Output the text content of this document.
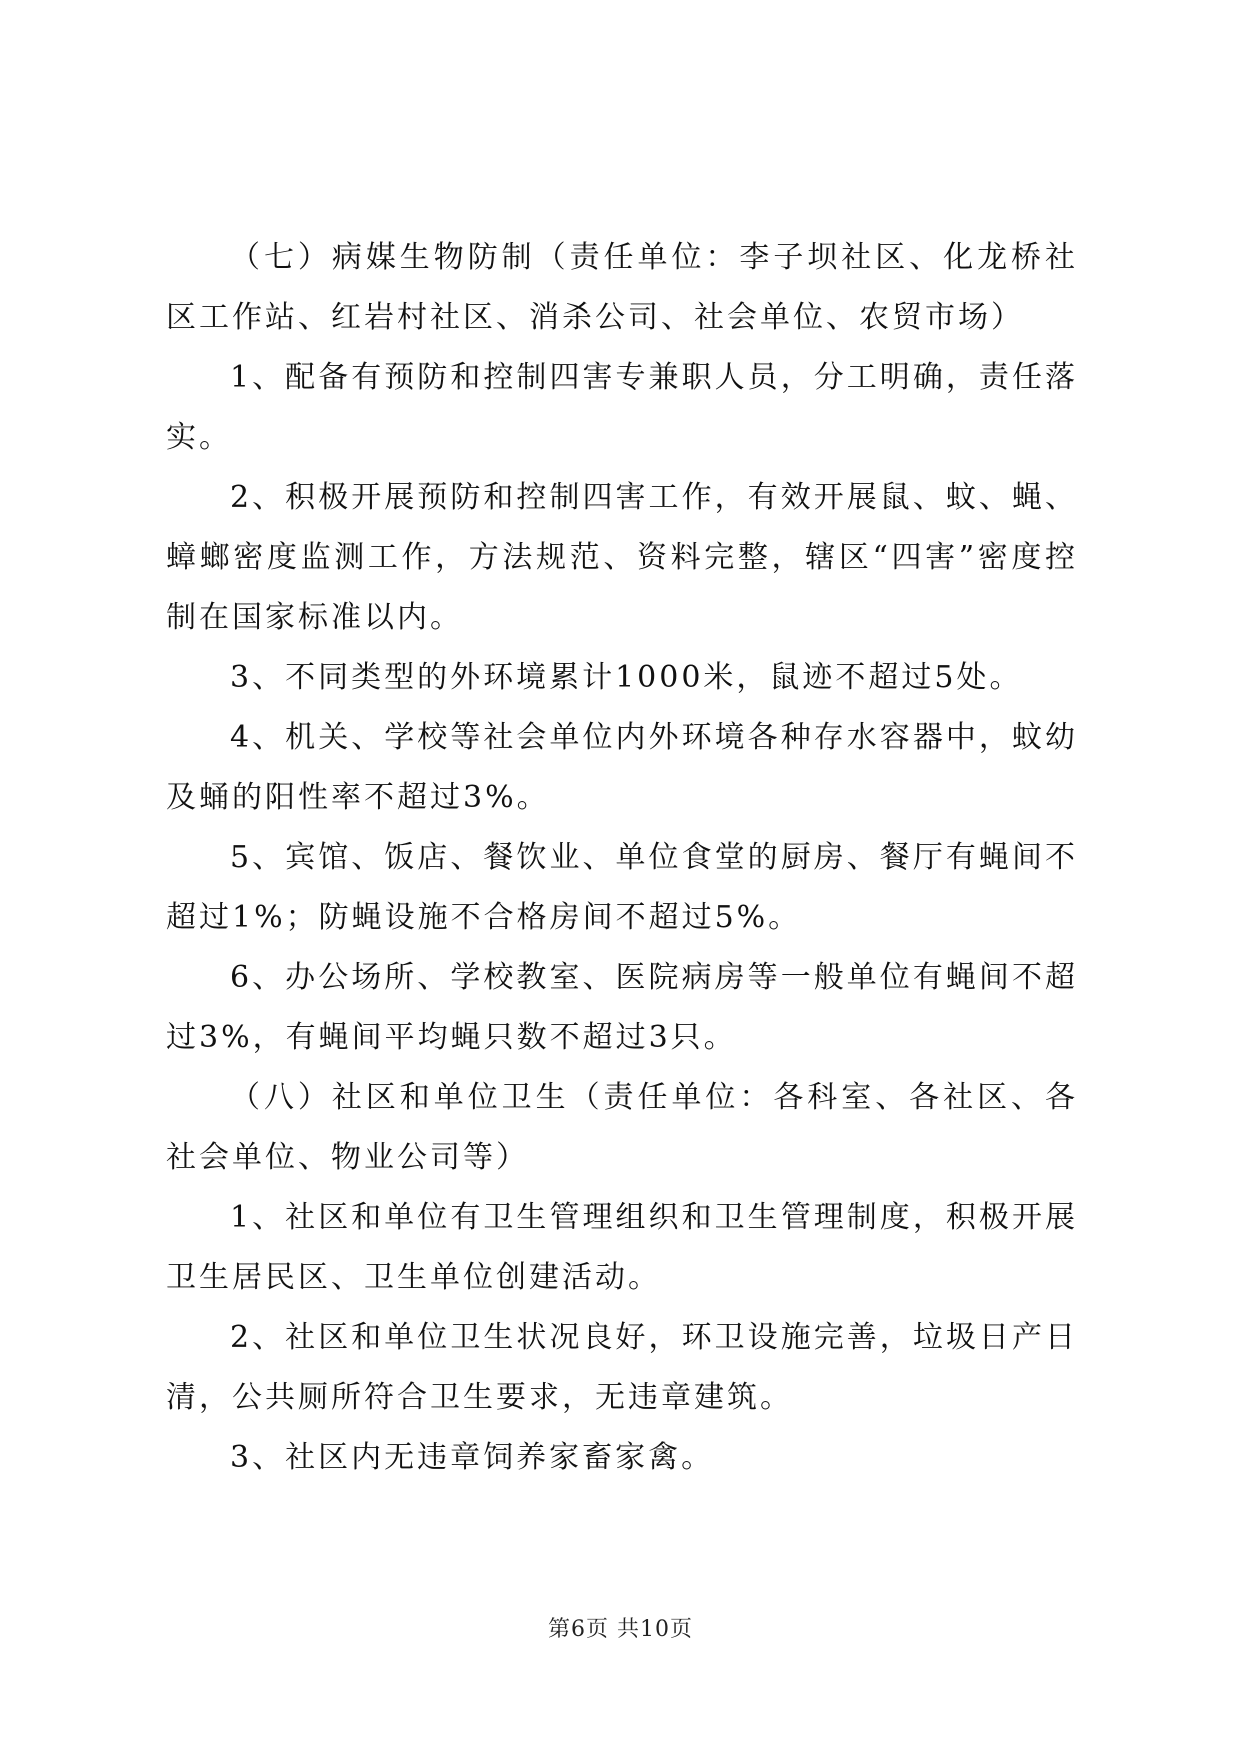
（七）病媒生物防制（责任单位：李子坝社区、化龙桥社区工作站、红岩村社区、消杀公司、社会单位、农贸市场）

1、配备有预防和控制四害专兼职人员，分工明确，责任落实。

2、积极开展预防和控制四害工作，有效开展鼠、蚊、蝇、蟑螂密度监测工作，方法规范、资料完整，辖区“四害”密度控制在国家标准以内。

3、不同类型的外环境累计1000米，鼠迹不超过5处。

4、机关、学校等社会单位内外环境各种存水容器中，蚊幼及蛹的阳性率不超过3%。

5、宾馆、饭店、餐饮业、单位食堂的厨房、餐厅有蝇间不超过1%；防蝇设施不合格房间不超过5%。

6、办公场所、学校教室、医院病房等一般单位有蝇间不超过3%，有蝇间平均蝇只数不超过3只。

（八）社区和单位卫生（责任单位：各科室、各社区、各社会单位、物业公司等）

1、社区和单位有卫生管理组织和卫生管理制度，积极开展卫生居民区、卫生单位创建活动。

2、社区和单位卫生状况良好，环卫设施完善，垃圾日产日清，公共厕所符合卫生要求，无违章建筑。

3、社区内无违章饲养家畜家禽。

第6页 共10页
